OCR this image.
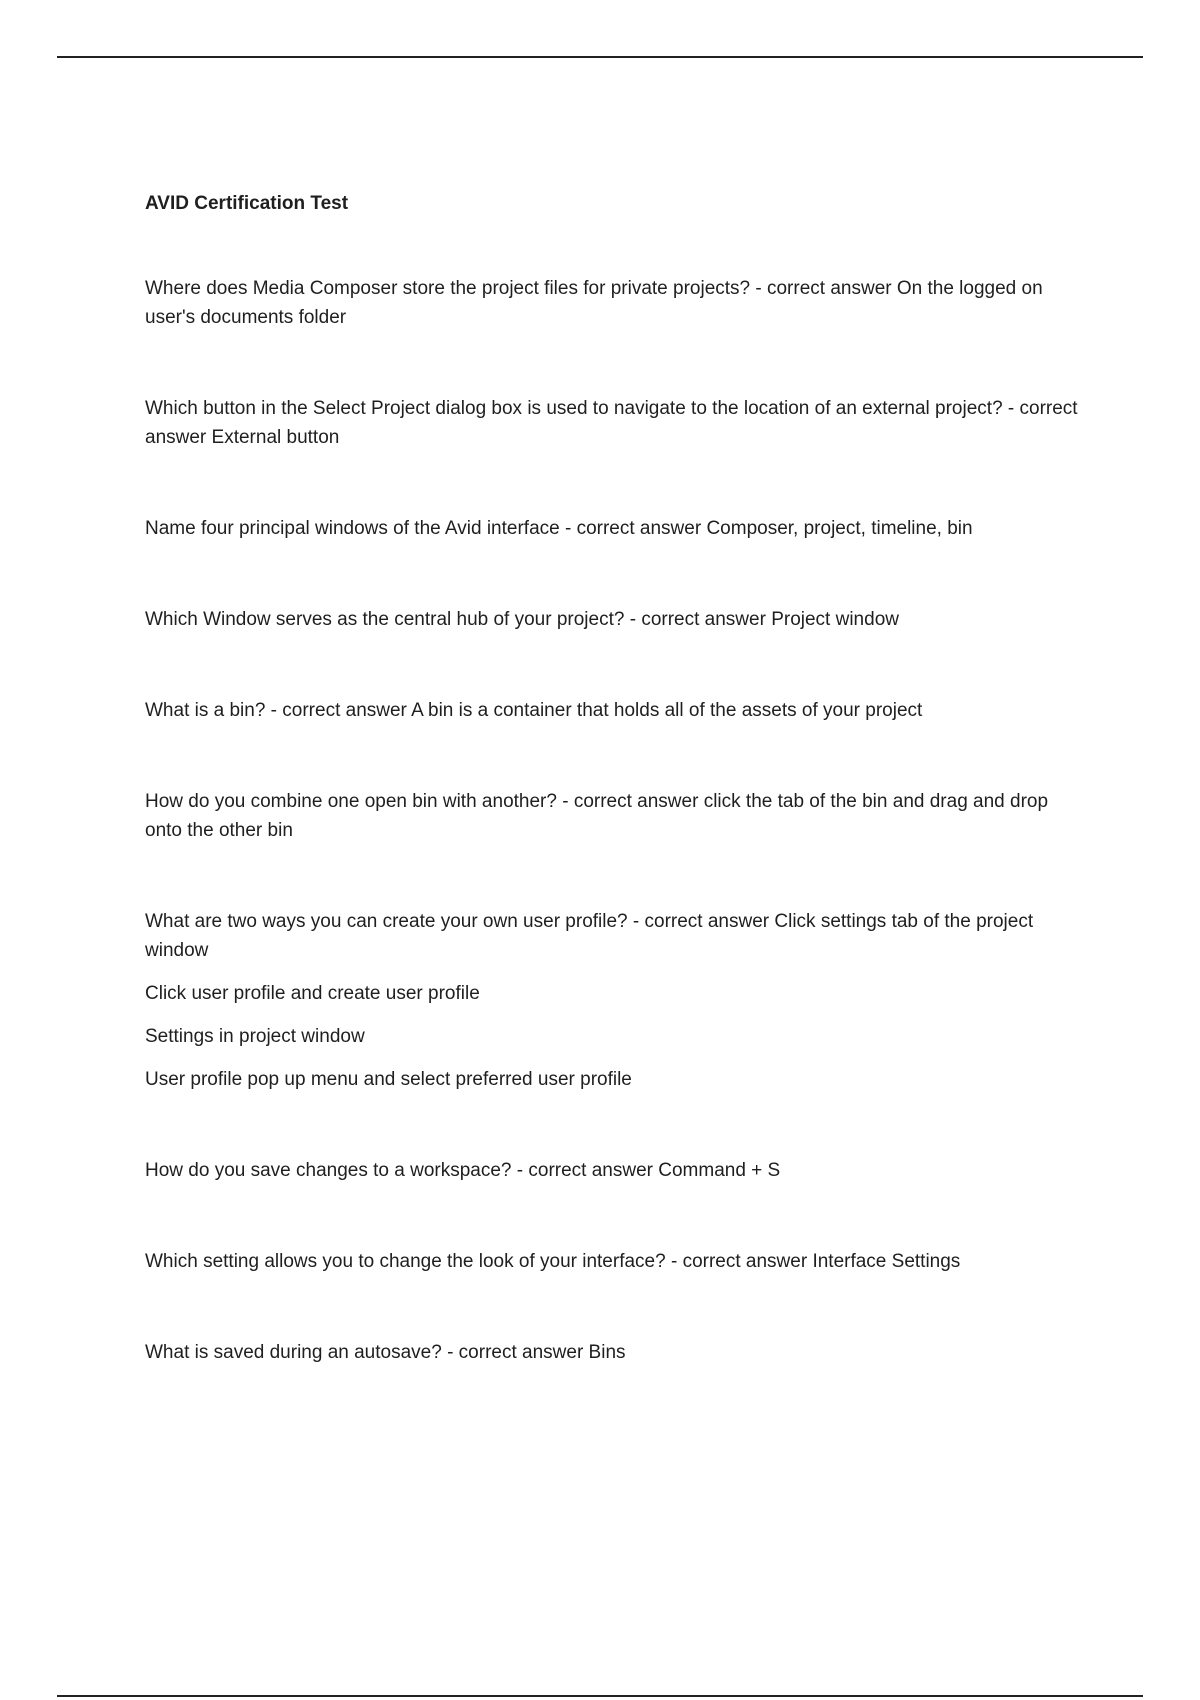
AVID Certification Test
Where does Media Composer store the project files for private projects? - correct answer On the logged on user's documents folder
Which button in the Select Project dialog box is used to navigate to the location of an external project? - correct answer External button
Name four principal windows of the Avid interface - correct answer Composer, project, timeline, bin
Which Window serves as the central hub of your project? - correct answer Project window
What is a bin? - correct answer A bin is a container that holds all of the assets of your project
How do you combine one open bin with another? - correct answer click the tab of the bin and drag and drop onto the other bin
What are two ways you can create your own user profile? - correct answer Click settings tab of the project window
Click user profile and create user profile
Settings in project window
User profile pop up menu and select preferred user profile
How do you save changes to a workspace? - correct answer Command + S
Which setting allows you to change the look of your interface? - correct answer Interface Settings
What is saved during an autosave? - correct answer Bins
